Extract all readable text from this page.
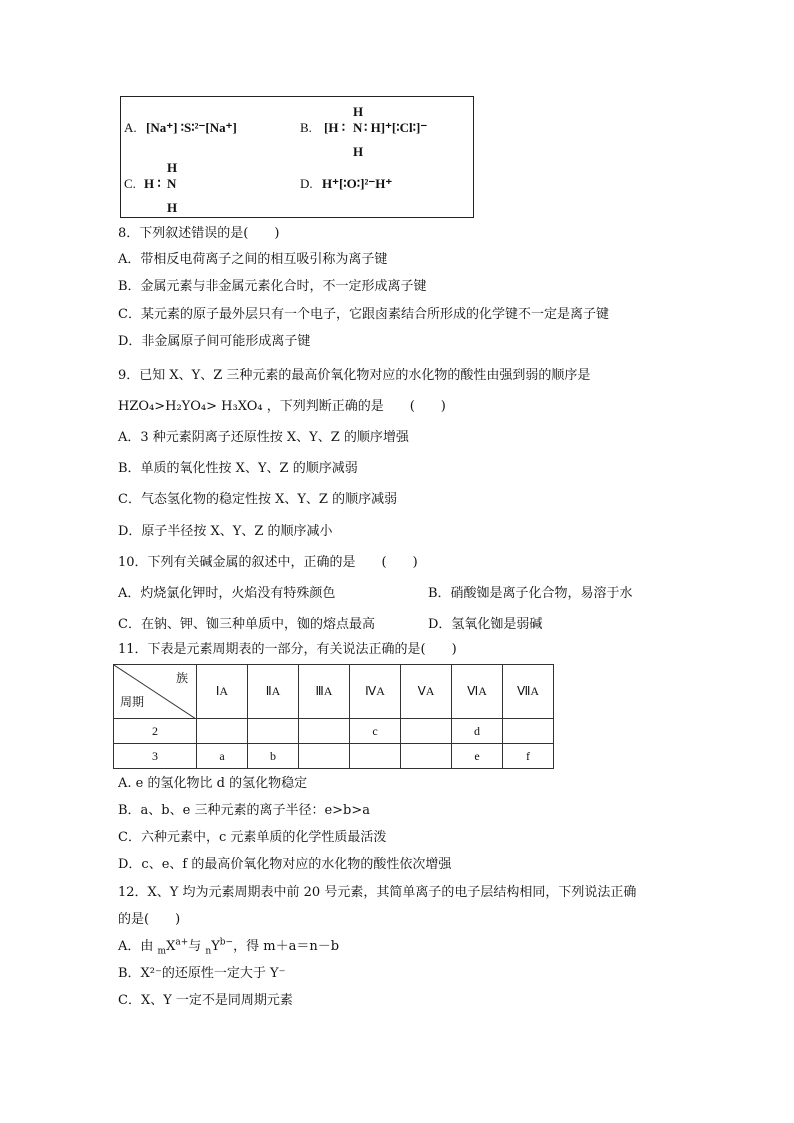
A. [Na⁺] ∶S∶²⁻[Na⁺]	B.
H
[H ∶ N ∶ H]⁺[∶Cl∶]⁻
H
C.
H
H ∶ N
H
D. H⁺[∶O∶]²⁻H⁺
8．下列叙述错误的是(　　)
A．带相反电荷离子之间的相互吸引称为离子键
B．金属元素与非金属元素化合时，不一定形成离子键
C．某元素的原子最外层只有一个电子，它跟卤素结合所形成的化学键不一定是离子键
D．非金属原子间可能形成离子键
9．已知 X、Y、Z 三种元素的最高价氧化物对应的水化物的酸性由强到弱的顺序是
HZO₄>H₂YO₄> H₃XO₄ ，下列判断正确的是　　(　　)
A．3 种元素阴离子还原性按 X、Y、Z 的顺序增强
B．单质的氧化性按 X、Y、Z 的顺序减弱
C．气态氢化物的稳定性按 X、Y、Z 的顺序减弱
D．原子半径按 X、Y、Z 的顺序减小
10．下列有关碱金属的叙述中，正确的是　　(　　)
A．灼烧氯化钾时，火焰没有特殊颜色	B．硝酸铷是离子化合物，易溶于水
C．在钠、钾、铷三种单质中，铷的熔点最高	D．氢氧化铷是弱碱
11．下表是元素周期表的一部分，有关说法正确的是(　　)
族
周期	ⅠA	ⅡA	ⅢA	ⅣA	ⅤA	ⅥA	ⅦA
2				c		d	
3	a	b				e	f
A. e 的氢化物比 d 的氢化物稳定
B．a、b、e 三种元素的离子半径：e>b>a
C．六种元素中，c 元素单质的化学性质最活泼
D．c、e、f 的最高价氧化物对应的水化物的酸性依次增强
12．X、Y 均为元素周期表中前 20 号元素，其简单离子的电子层结构相同，下列说法正确
的是(　　)
A．由 $_mX^{a+}$与 $_nY^{b-}$，得 m＋a＝n－b
B．X²⁻的还原性一定大于 Y⁻
C．X、Y 一定不是同周期元素
